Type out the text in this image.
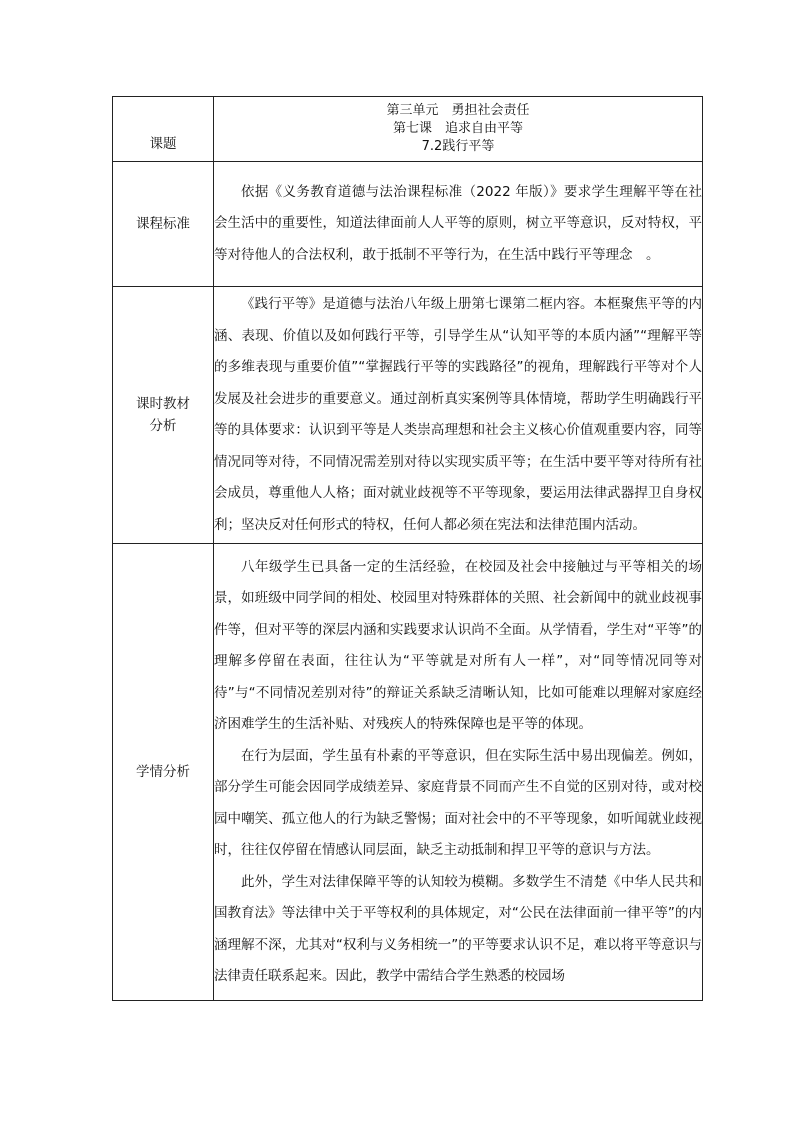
课题	第三单元　勇担社会责任
第七课　追求自由平等
7.2践行平等

课程标准	依据《义务教育道德与法治课程标准（2022 年版）》要求学生理解平等在社会生活中的重要性，知道法律面前人人平等的原则，树立平等意识，反对特权，平等对待他人的合法权利，敢于抵制不平等行为，在生活中践行平等理念　。

课时教材
分析	《践行平等》是道德与法治八年级上册第七课第二框内容。本框聚焦平等的内涵、表现、价值以及如何践行平等，引导学生从“认知平等的本质内涵”“理解平等的多维表现与重要价值”“掌握践行平等的实践路径”的视角，理解践行平等对个人发展及社会进步的重要意义。通过剖析真实案例等具体情境，帮助学生明确践行平等的具体要求：认识到平等是人类崇高理想和社会主义核心价值观重要内容，同等情况同等对待，不同情况需差别对待以实现实质平等；在生活中要平等对待所有社会成员，尊重他人人格；面对就业歧视等不平等现象，要运用法律武器捍卫自身权利；坚决反对任何形式的特权，任何人都必须在宪法和法律范围内活动。

学情分析	八年级学生已具备一定的生活经验，在校园及社会中接触过与平等相关的场景，如班级中同学间的相处、校园里对特殊群体的关照、社会新闻中的就业歧视事件等，但对平等的深层内涵和实践要求认识尚不全面。从学情看，学生对“平等”的理解多停留在表面，往往认为“平等就是对所有人一样”，对“同等情况同等对待”与“不同情况差别对待”的辩证关系缺乏清晰认知，比如可能难以理解对家庭经济困难学生的生活补贴、对残疾人的特殊保障也是平等的体现。

在行为层面，学生虽有朴素的平等意识，但在实际生活中易出现偏差。例如，部分学生可能会因同学成绩差异、家庭背景不同而产生不自觉的区别对待，或对校园中嘲笑、孤立他人的行为缺乏警惕；面对社会中的不平等现象，如听闻就业歧视时，往往仅停留在情感认同层面，缺乏主动抵制和捍卫平等的意识与方法。

此外，学生对法律保障平等的认知较为模糊。多数学生不清楚《中华人民共和国教育法》等法律中关于平等权利的具体规定，对“公民在法律面前一律平等”的内涵理解不深，尤其对“权利与义务相统一”的平等要求认识不足，难以将平等意识与法律责任联系起来。因此，教学中需结合学生熟悉的校园场
